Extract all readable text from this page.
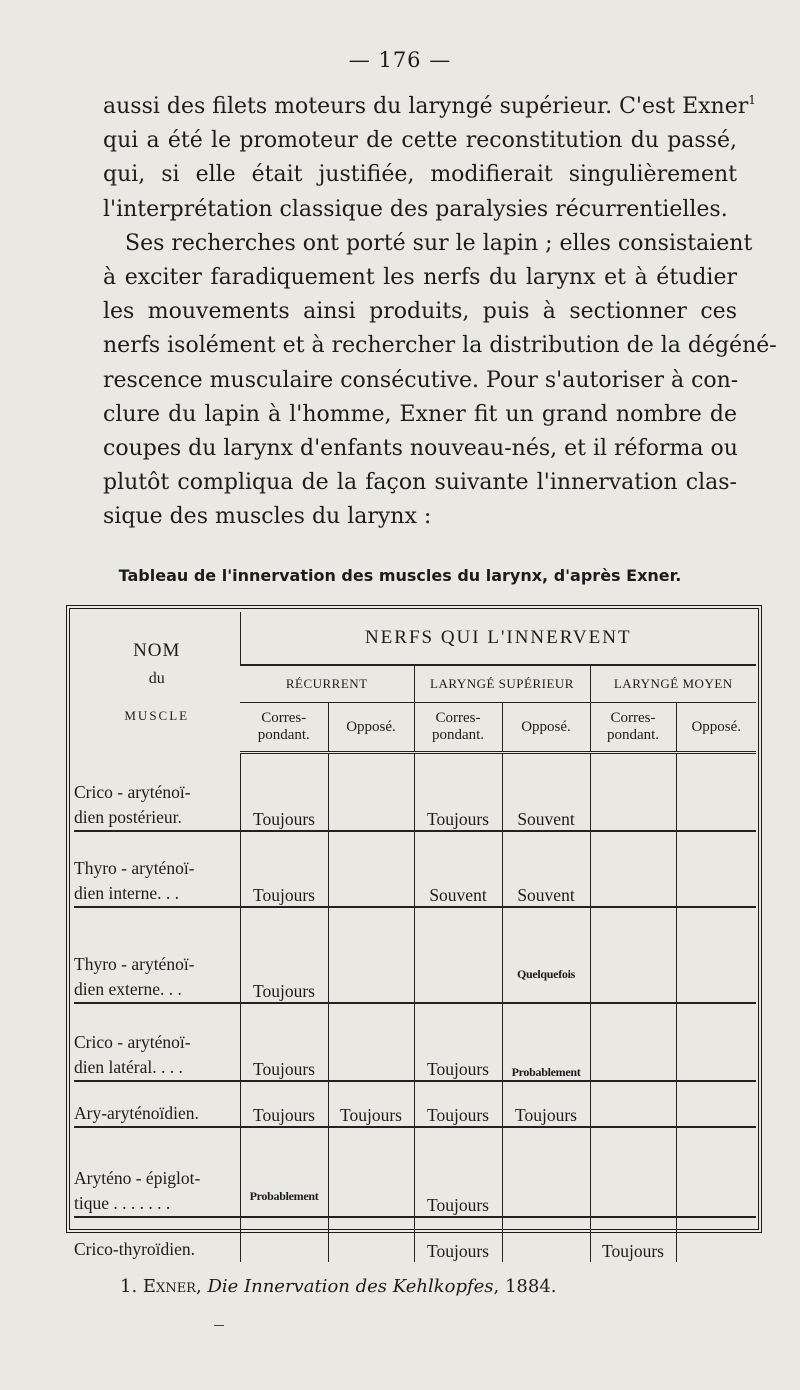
— 176 —
aussi des filets moteurs du laryngé supérieur. C'est Exner$^1$
qui a été le promoteur de cette reconstitution du passé,
qui, si elle était justifiée, modifierait singulièrement
l'interprétation classique des paralysies récurrentielles.
Ses recherches ont porté sur le lapin ; elles consistaient
à exciter faradiquement les nerfs du larynx et à étudier
les mouvements ainsi produits, puis à sectionner ces
nerfs isolément et à rechercher la distribution de la dégéné-
rescence musculaire consécutive. Pour s'autoriser à con-
clure du lapin à l'homme, Exner fit un grand nombre de
coupes du larynx d'enfants nouveau-nés, et il réforma ou
plutôt compliqua de la façon suivante l'innervation clas-
sique des muscles du larynx :
Tableau de l'innervation des muscles du larynx, d'après Exner.
NOM
du
MUSCLE	NERFS QUI L'INNERVENT					
	RÉCURRENT		LARYNGÉ SUPÉRIEUR		LARYNGÉ MOYEN	
	Corres-
pondant.	Opposé.	Corres-
pondant.	Opposé.	Corres-
pondant.	Opposé.
Crico - aryténoï-
dien postérieur.	Toujours		Toujours	Souvent		
Thyro - aryténoï-
dien interne. . .	Toujours		Souvent	Souvent		
Thyro - aryténoï-
dien externe. . .	Toujours			Quelquefois		
Crico - aryténoï-
dien latéral. . . .	Toujours		Toujours	Probablement		
Ary-aryténoïdien.	Toujours	Toujours	Toujours	Toujours		
Aryténo - épiglot-
tique . . . . . . .	Probablement		Toujours			
Crico-thyroïdien.			Toujours		Toujours	
1. Exner, Die Innervation des Kehlkopfes, 1884.
